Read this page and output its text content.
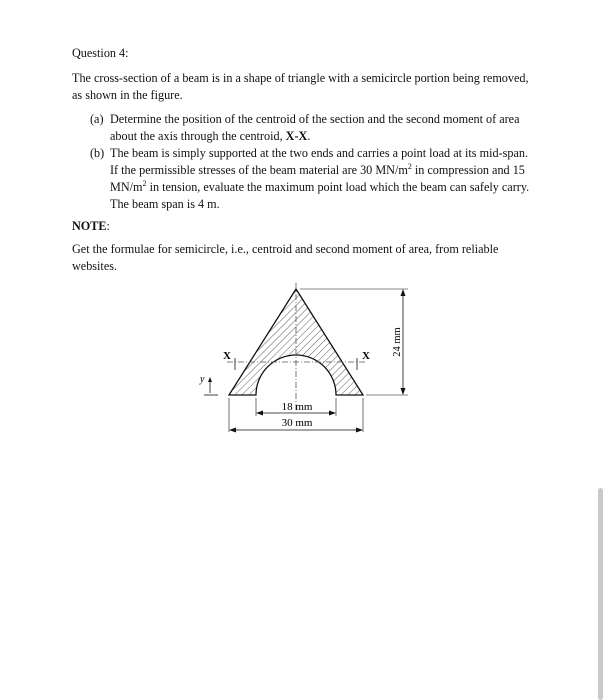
Question 4:
The cross-section of a beam is in a shape of triangle with a semicircle portion being removed,
as shown in the figure.
(a) Determine the position of the centroid of the section and the second moment of area
about the axis through the centroid, X-X.
(b) The beam is simply supported at the two ends and carries a point load at its mid-span.
If the permissible stresses of the beam material are 30 $MN/m^2$ in compression and 15
$MN/m^2$ in tension, evaluate the maximum point load which the beam can safely carry.
The beam span is 4 m.
NOTE:
Get the formulae for semicircle, i.e., centroid and second moment of area, from reliable
websites.
X	X
y
24 mm
18 mm
30 mm
